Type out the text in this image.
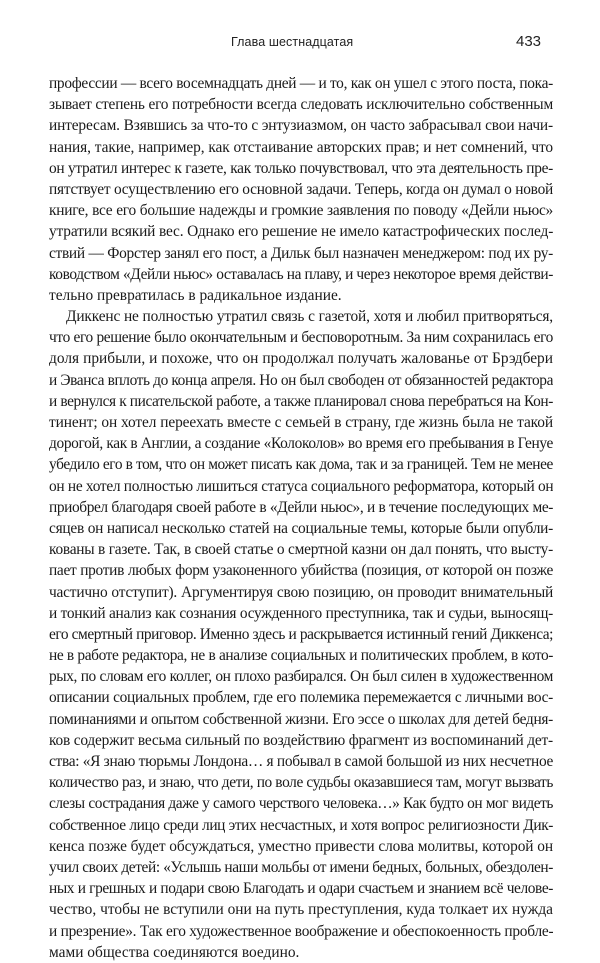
Глава шестнадцатая	433
профессии — всего восемнадцать дней — и то, как он ушел с этого поста, пока-
зывает степень его потребности всегда следовать исключительно собственным
интересам. Взявшись за что-то с энтузиазмом, он часто забрасывал свои начи-
нания, такие, например, как отстаивание авторских прав; и нет сомнений, что
он утратил интерес к газете, как только почувствовал, что эта деятельность пре-
пятствует осуществлению его основной задачи. Теперь, когда он думал о новой
книге, все его большие надежды и громкие заявления по поводу «Дейли ньюс»
утратили всякий вес. Однако его решение не имело катастрофических послед-
ствий — Форстер занял его пост, а Дильк был назначен менеджером: под их ру-
ководством «Дейли ньюс» оставалась на плаву, и через некоторое время действи-
тельно превратилась в радикальное издание.
Диккенс не полностью утратил связь с газетой, хотя и любил притворяться,
что его решение было окончательным и бесповоротным. За ним сохранилась его
доля прибыли, и похоже, что он продолжал получать жалованье от Брэдбери
и Эванса вплоть до конца апреля. Но он был свободен от обязанностей редактора
и вернулся к писательской работе, а также планировал снова перебраться на Кон-
тинент; он хотел переехать вместе с семьей в страну, где жизнь была не такой
дорогой, как в Англии, а создание «Колоколов» во время его пребывания в Генуе
убедило его в том, что он может писать как дома, так и за границей. Тем не менее
он не хотел полностью лишиться статуса социального реформатора, который он
приобрел благодаря своей работе в «Дейли ньюс», и в течение последующих ме-
сяцев он написал несколько статей на социальные темы, которые были опубли-
кованы в газете. Так, в своей статье о смертной казни он дал понять, что высту-
пает против любых форм узаконенного убийства (позиция, от которой он позже
частично отступит). Аргументируя свою позицию, он проводит внимательный
и тонкий анализ как сознания осужденного преступника, так и судьи, выносящ-
его смертный приговор. Именно здесь и раскрывается истинный гений Диккенса;
не в работе редактора, не в анализе социальных и политических проблем, в кото-
рых, по словам его коллег, он плохо разбирался. Он был силен в художественном
описании социальных проблем, где его полемика перемежается с личными вос-
поминаниями и опытом собственной жизни. Его эссе о школах для детей бедня-
ков содержит весьма сильный по воздействию фрагмент из воспоминаний дет-
ства: «Я знаю тюрьмы Лондона… я побывал в самой большой из них несчетное
количество раз, и знаю, что дети, по воле судьбы оказавшиеся там, могут вызвать
слезы сострадания даже у самого черствого человека…» Как будто он мог видеть
собственное лицо среди лиц этих несчастных, и хотя вопрос религиозности Дик-
кенса позже будет обсуждаться, уместно привести слова молитвы, которой он
учил своих детей: «Услышь наши мольбы от имени бедных, больных, обездолен-
ных и грешных и подари свою Благодать и одари счастьем и знанием всё челове-
чество, чтобы не вступили они на путь преступления, куда толкает их нужда
и презрение». Так его художественное воображение и обеспокоенность пробле-
мами общества соединяются воедино.
